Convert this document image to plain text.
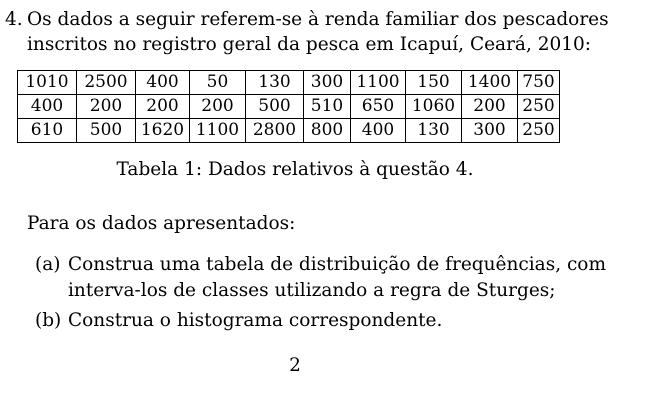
4. Os dados a seguir referem-se à renda familiar dos pescadores inscritos no registro geral da pesca em Icapuí, Ceará, 2010:
1010	2500	400	50	130	300	1100	150	1400	750
400	200	200	200	500	510	650	1060	200	250
610	500	1620	1100	2800	800	400	130	300	250
Tabela 1: Dados relativos à questão 4.
Para os dados apresentados:
(a) Construa uma tabela de distribuição de frequências, com interva-los de classes utilizando a regra de Sturges;
(b) Construa o histograma correspondente.
2
